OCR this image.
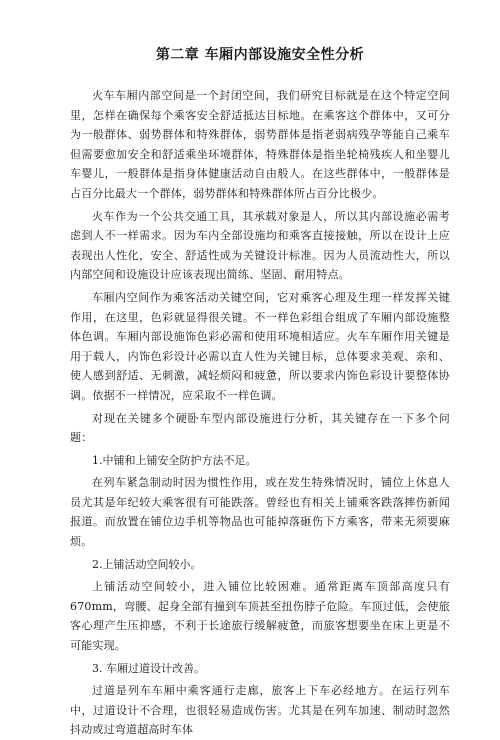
第二章 车厢内部设施安全性分析

火车车厢内部空间是一个封闭空间，我们研究目标就是在这个特定空间里，怎样在确保每个乘客安全舒适抵达目标地。在乘客这个群体中，又可分为一般群体、弱势群体和特殊群体，弱势群体是指老弱病残孕等能自己乘车但需要愈加安全和舒适乘坐环境群体，特殊群体是指坐轮椅残疾人和坐婴儿车婴儿，一般群体是指身体健康活动自由般人。在这些群体中，一般群体是占百分比最大一个群体，弱势群体和特殊群体所占百分比极少。

火车作为一个公共交通工具，其承载对象是人，所以其内部设施必需考虑到人不一样需求。因为车内全部设施均和乘客直接接触，所以在设计上应表现出人性化，安全、舒适性成为关键设计标准。因为人员流动性大，所以内部空间和设施设计应该表现出简练、坚固、耐用特点。

车厢内空间作为乘客活动关键空间，它对乘客心理及生理一样发挥关键作用，在这里，色彩就显得很关键。不一样色彩组合组成了车厢内部设施整体色调。车厢内部设施饰色彩必需和使用环境相适应。火车车厢作用关键是用于载人，内饰色彩设计必需以直人性为关键目标，总体要求美观、亲和、使人感到舒适、无刺激，减轻烦闷和疲惫，所以要求内饰色彩设计要整体协调。依据不一样情况，应采取不一样色调。

对现在关键多个硬卧车型内部设施进行分析，其关键存在一下多个问题：

1.中铺和上铺安全防护方法不足。

在列车紧急制动时因为惯性作用，或在发生特殊情况时，铺位上休息人员尤其是年纪较大乘客很有可能跌落。曾经也有相关上铺乘客跌落摔伤新闻报道。而放置在铺位边手机等物品也可能掉落砸伤下方乘客，带来无须要麻烦。

2.上铺活动空间较小。

上铺活动空间较小，进入铺位比较困难。通常距离车顶部高度只有670mm，弯腰、起身全部有撞到车顶甚至扭伤脖子危险。车顶过低，会使旅客心理产生压抑感，不利于长途旅行缓解疲惫，而旅客想要坐在床上更是不可能实现。

3. 车厢过道设计改善。

过道是列车车厢中乘客通行走廊，旅客上下车必经地方。在运行列车中，过道设计不合理，也很轻易造成伤害。尤其是在列车加速、制动时忽然抖动或过弯道超高时车体
